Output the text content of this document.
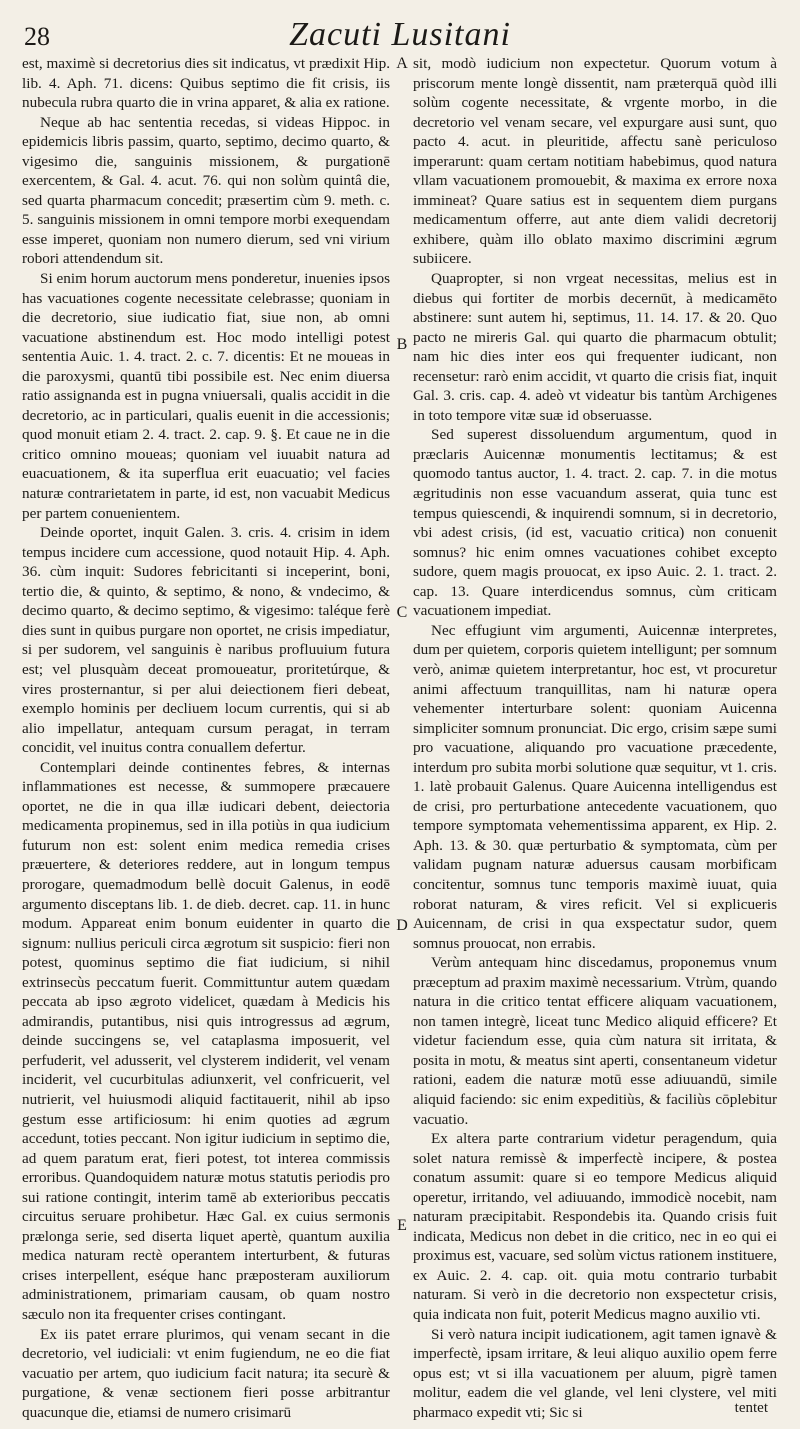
28	Zacuti Lusitani

est, maximè si decretorius dies sit indicatus, vt prædixit Hip. lib. 4. Aph. 71. dicens: Quibus septimo die fit crisis, iis nubecula rubra quarto die in vrina apparet, & alia ex ratione.

Neque ab hac sententia recedas, si videas Hippoc. in epidemicis libris passim, quarto, septimo, decimo quarto, & vigesimo die, sanguinis missionem, & purgationē exercentem, & Gal. 4. acut. 76. qui non solùm quintâ die, sed quarta pharmacum concedit; præsertim cùm 9. meth. c. 5. sanguinis missionem in omni tempore morbi exequendam esse imperet, quoniam non numero dierum, sed vni virium robori attendendum sit.

Si enim horum auctorum mens ponderetur, inuenies ipsos has vacuationes cogente necessitate celebrasse; quoniam in die decretorio, siue iudicatio fiat, siue non, ab omni vacuatione abstinendum est. Hoc modo intelligi potest sententia Auic. 1. 4. tract. 2. c. 7. dicentis: Et ne moueas in die paroxysmi, quantū tibi possibile est. Nec enim diuersa ratio assignanda est in pugna vniuersali, qualis accidit in die decretorio, ac in particulari, qualis euenit in die accessionis; quod monuit etiam 2. 4. tract. 2. cap. 9. §. Et caue ne in die critico omnino moueas; quoniam vel iuuabit natura ad euacuationem, & ita superflua erit euacuatio; vel facies naturæ contrarietatem in parte, id est, non vacuabit Medicus per partem conuenientem.

Deinde oportet, inquit Galen. 3. cris. 4. crisim in idem tempus incidere cum accessione, quod notauit Hip. 4. Aph. 36. cùm inquit: Sudores febricitanti si inceperint, boni, tertio die, & quinto, & septimo, & nono, & vndecimo, & decimo quarto, & decimo septimo, & vigesimo: taléque ferè dies sunt in quibus purgare non oportet, ne crisis impediatur, si per sudorem, vel sanguinis è naribus profluuium futura est; vel plusquàm deceat promoueatur, proritetúrque, & vires prosternantur, si per alui deiectionem fieri debeat, exemplo hominis per decliuem locum currentis, qui si ab alio impellatur, antequam cursum peragat, in terram concidit, vel inuitus contra conuallem defertur.

Contemplari deinde continentes febres, & internas inflammationes est necesse, & summopere præcauere oportet, ne die in qua illæ iudicari debent, deiectoria medicamenta propinemus, sed in illa potiùs in qua iudicium futurum non est: solent enim medica remedia crises præuertere, & deteriores reddere, aut in longum tempus prorogare, quemadmodum bellè docuit Galenus, in eodē argumento disceptans lib. 1. de dieb. decret. cap. 11. in hunc modum. Appareat enim bonum euidenter in quarto die signum: nullius periculi circa ægrotum sit suspicio: fieri non potest, quominus septimo die fiat iudicium, si nihil extrinsecùs peccatum fuerit. Committuntur autem quædam peccata ab ipso ægroto videlicet, quædam à Medicis his admirandis, putantibus, nisi quis introgressus ad ægrum, deinde succingens se, vel cataplasma imposuerit, vel perfuderit, vel adusserit, vel clysterem indiderit, vel venam inciderit, vel cucurbitulas adiunxerit, vel confricuerit, vel nutrierit, vel huiusmodi aliquid factitauerit, nihil ab ipso gestum esse artificiosum: hi enim quoties ad ægrum accedunt, toties peccant. Non igitur iudicium in septimo die, ad quem paratum erat, fieri potest, tot interea commissis erroribus. Quandoquidem naturæ motus statutis periodis pro sui ratione contingit, interim tamē ab exterioribus peccatis circuitus seruare prohibetur. Hæc Gal. ex cuius sermonis prælonga serie, sed diserta liquet apertè, quantum auxilia medica naturam rectè operantem interturbent, & futuras crises interpellent, eséque hanc præposteram auxiliorum administrationem, primariam causam, ob quam nostro sæculo non ita frequenter crises contingant.

Ex iis patet errare plurimos, qui venam secant in die decretorio, vel iudiciali: vt enim fugiendum, ne eo die fiat vacuatio per artem, quo iudicium facit natura; ita securè & purgatione, & venæ sectionem fieri posse arbitrantur quacunque die, etiamsi de numero crisimarū

A
B
C
D
E

sit, modò iudicium non expectetur. Quorum votum à priscorum mente longè dissentit, nam præterquā quòd illi solùm cogente necessitate, & vrgente morbo, in die decretorio vel venam secare, vel expurgare ausi sunt, quo pacto 4. acut. in pleuritide, affectu sanè periculoso imperarunt: quam certam notitiam habebimus, quod natura vllam vacuationem promouebit, & maxima ex errore noxa immineat? Quare satius est in sequentem diem purgans medicamentum offerre, aut ante diem validi decretorij exhibere, quàm illo oblato maximo discrimini ægrum subiicere.

Quapropter, si non vrgeat necessitas, melius est in diebus qui fortiter de morbis decernūt, à medicamēto abstinere: sunt autem hi, septimus, 11. 14. 17. & 20. Quo pacto ne mireris Gal. qui quarto die pharmacum obtulit; nam hic dies inter eos qui frequenter iudicant, non recensetur: rarò enim accidit, vt quarto die crisis fiat, inquit Gal. 3. cris. cap. 4. adeò vt videatur bis tantùm Archigenes in toto tempore vitæ suæ id obseruasse.

Sed superest dissoluendum argumentum, quod in præclaris Auicennæ monumentis lectitamus; & est quomodo tantus auctor, 1. 4. tract. 2. cap. 7. in die motus ægritudinis non esse vacuandum asserat, quia tunc est tempus quiescendi, & inquirendi somnum, si in decretorio, vbi adest crisis, (id est, vacuatio critica) non conuenit somnus? hic enim omnes vacuationes cohibet excepto sudore, quem magis prouocat, ex ipso Auic. 2. 1. tract. 2. cap. 13. Quare interdicendus somnus, cùm criticam vacuationem impediat.

Nec effugiunt vim argumenti, Auicennæ interpretes, dum per quietem, corporis quietem intelligunt; per somnum verò, animæ quietem interpretantur, hoc est, vt procuretur animi affectuum tranquillitas, nam hi naturæ opera vehementer interturbare solent: quoniam Auicenna simpliciter somnum pronunciat. Dic ergo, crisim sæpe sumi pro vacuatione, aliquando pro vacuatione præcedente, interdum pro subita morbi solutione quæ sequitur, vt 1. cris. 1. latè probauit Galenus. Quare Auicenna intelligendus est de crisi, pro perturbatione antecedente vacuationem, quo tempore symptomata vehementissima apparent, ex Hip. 2. Aph. 13. & 30. quæ perturbatio & symptomata, cùm per validam pugnam naturæ aduersus causam morbificam concitentur, somnus tunc temporis maximè iuuat, quia roborat naturam, & vires reficit. Vel si explicueris Auicennam, de crisi in qua exspectatur sudor, quem somnus prouocat, non errabis.

Verùm antequam hinc discedamus, proponemus vnum præceptum ad praxim maximè necessarium. Vtrùm, quando natura in die critico tentat efficere aliquam vacuationem, non tamen integrè, liceat tunc Medico aliquid efficere? Et videtur faciendum esse, quia cùm natura sit irritata, & posita in motu, & meatus sint aperti, consentaneum videtur rationi, eadem die naturæ motū esse adiuuandū, simile aliquid faciendo: sic enim expeditiùs, & faciliùs cōplebitur vacuatio.

Ex altera parte contrarium videtur peragendum, quia solet natura remissè & imperfectè incipere, & postea conatum assumit: quare si eo tempore Medicus aliquid operetur, irritando, vel adiuuando, immodicè nocebit, nam naturam præcipitabit. Respondebis ita. Quando crisis fuit indicata, Medicus non debet in die critico, nec in eo qui ei proximus est, vacuare, sed solùm victus rationem instituere, ex Auic. 2. 4. cap. oit. quia motu contrario turbabit naturam. Si verò in die decretorio non exspectetur crisis, quia indicata non fuit, poterit Medicus magno auxilio vti.

Si verò natura incipit iudicationem, agit tamen ignavè & imperfectè, ipsam irritare, & leui aliquo auxilio opem ferre opus est; vt si illa vacuationem per aluum, pigrè tamen molitur, eadem die vel glande, vel leni clystere, vel miti pharmaco expedit vti; Sic si	tentet
